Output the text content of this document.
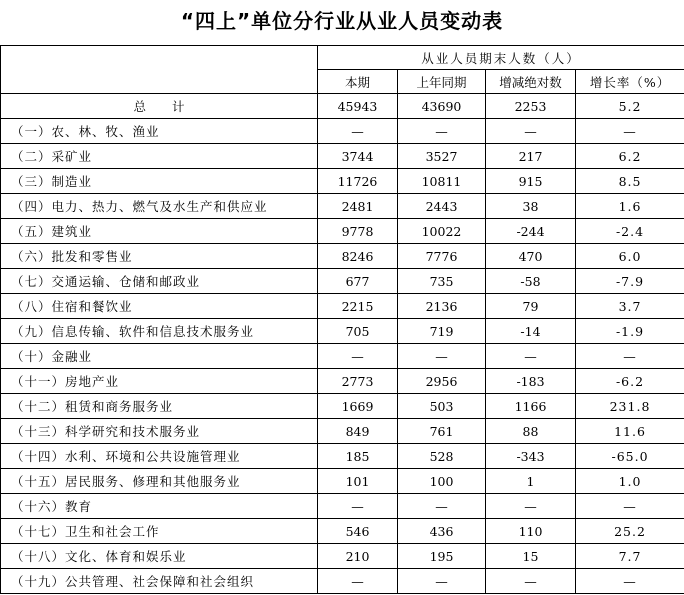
“四上”单位分行业从业人员变动表
	从业人员期末人数（人）			
	本期	上年同期	增减绝对数	增长率（%）
总计	45943	43690	2253	5.2
（一）农、林、牧、渔业	—	—	—	—
（二）采矿业	3744	3527	217	6.2
（三）制造业	11726	10811	915	8.5
（四）电力、热力、燃气及水生产和供应业	2481	2443	38	1.6
（五）建筑业	9778	10022	-244	-2.4
（六）批发和零售业	8246	7776	470	6.0
（七）交通运输、仓储和邮政业	677	735	-58	-7.9
（八）住宿和餐饮业	2215	2136	79	3.7
（九）信息传输、软件和信息技术服务业	705	719	-14	-1.9
（十）金融业	—	—	—	—
（十一）房地产业	2773	2956	-183	-6.2
（十二）租赁和商务服务业	1669	503	1166	231.8
（十三）科学研究和技术服务业	849	761	88	11.6
（十四）水利、环境和公共设施管理业	185	528	-343	-65.0
（十五）居民服务、修理和其他服务业	101	100	1	1.0
（十六）教育	—	—	—	—
（十七）卫生和社会工作	546	436	110	25.2
（十八）文化、体育和娱乐业	210	195	15	7.7
（十九）公共管理、社会保障和社会组织	—	—	—	—
